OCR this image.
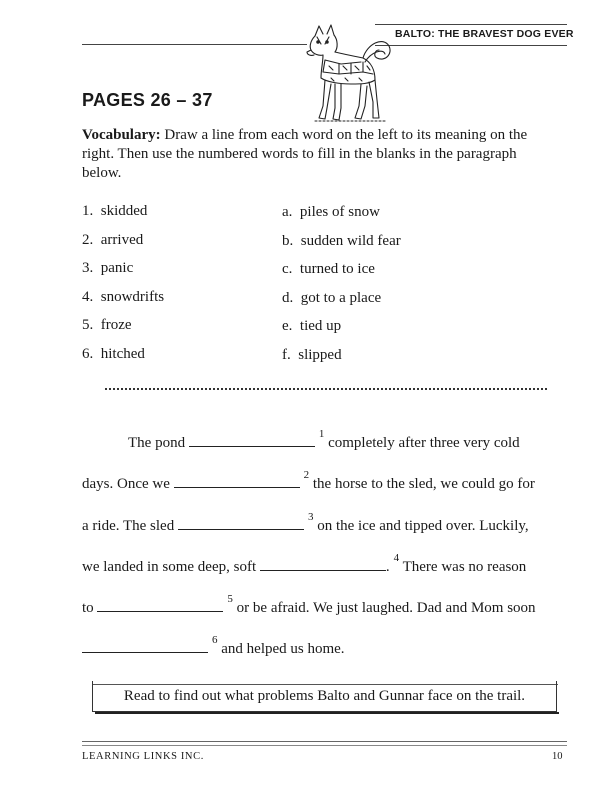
BALTO: THE BRAVEST DOG EVER
PAGES 26 – 37
Vocabulary: Draw a line from each word on the left to its meaning on the right. Then use the numbered words to fill in the blanks in the paragraph below.
1. skidded
2. arrived
3. panic
4. snowdrifts
5. froze
6. hitched
a. piles of snow
b. sudden wild fear
c. turned to ice
d. got to a place
e. tied up
f. slipped
The pond $^1$ completely after three very cold
days. Once we $^2$ the horse to the sled, we could go for
a ride. The sled $^3$ on the ice and tipped over. Luckily,
we landed in some deep, soft	.$^4$ There was no reason
to $^5$ or be afraid. We just laughed. Dad and Mom soon
$^6$ and helped us home.
Read to find out what problems Balto and Gunnar face on the trail.
LEARNING LINKS INC.	10
